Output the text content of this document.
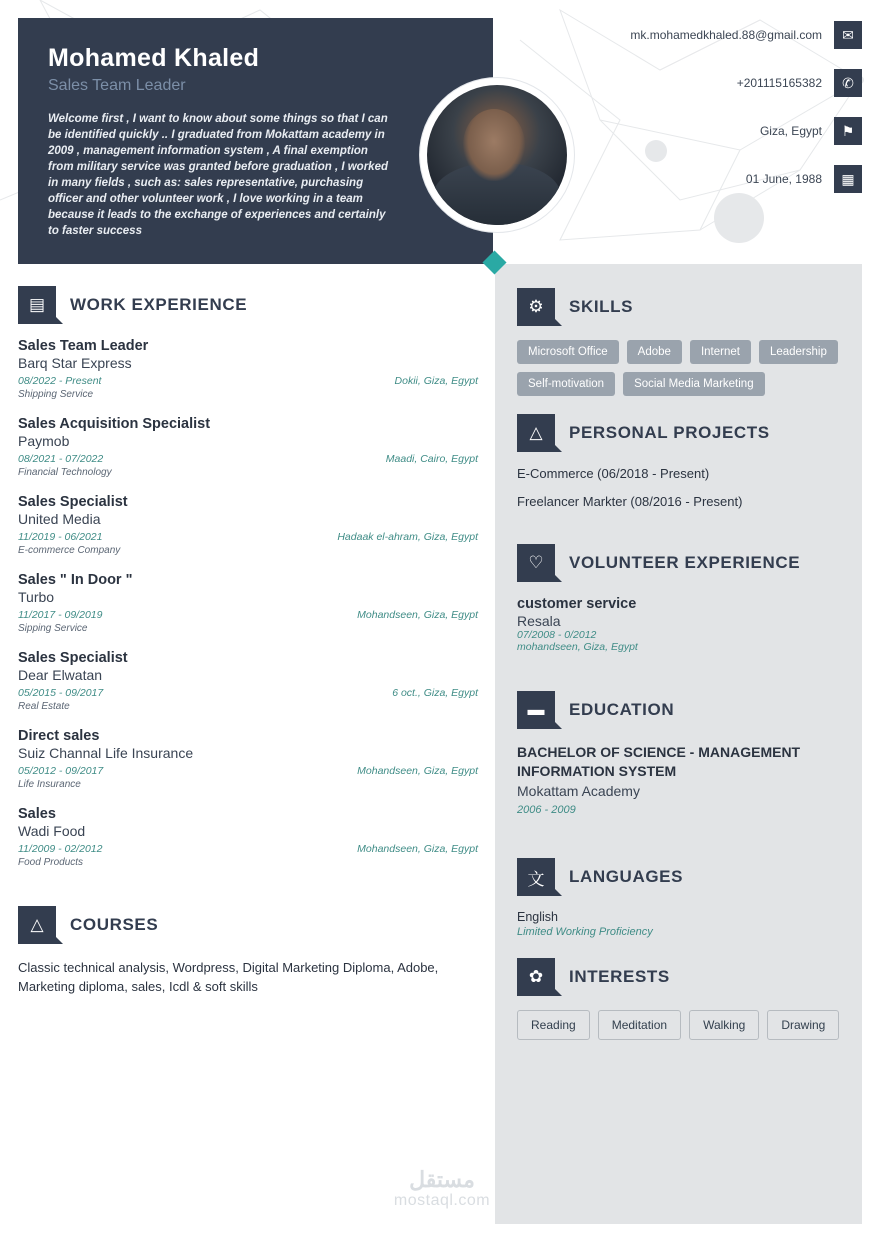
Mohamed Khaled
Sales Team Leader
Welcome first , I want to know about some things so that I can be identified quickly .. I graduated from Mokattam academy in 2009 , management information system , A final exemption from military service was granted before graduation , I worked in many fields , such as: sales representative, purchasing officer and other volunteer work , I love working in a team because it leads to the exchange of experiences and certainly to faster success
mk.mohamedkhaled.88@gmail.com	✉
+201115165382	✆
Giza, Egypt	⚑
01 June, 1988	▦
▤	WORK EXPERIENCE
Sales Team Leader
Barq Star Express
08/2022 - Present	Dokii, Giza, Egypt
Shipping Service
Sales Acquisition Specialist
Paymob
08/2021 - 07/2022	Maadi, Cairo, Egypt
Financial Technology
Sales Specialist
United Media
11/2019 - 06/2021	Hadaak el-ahram, Giza, Egypt
E-commerce Company
Sales " In Door "
Turbo
11/2017 - 09/2019	Mohandseen, Giza, Egypt
Sipping Service
Sales Specialist
Dear Elwatan
05/2015 - 09/2017	6 oct., Giza, Egypt
Real Estate
Direct sales
Suiz Channal Life Insurance
05/2012 - 09/2017	Mohandseen, Giza, Egypt
Life Insurance
Sales
Wadi Food
11/2009 - 02/2012	Mohandseen, Giza, Egypt
Food Products
△	COURSES
Classic technical analysis, Wordpress, Digital Marketing Diploma, Adobe, Marketing diploma, sales, Icdl & soft skills
⚙	SKILLS
Microsoft Office	Adobe	Internet	Leadership
Self-motivation	Social Media Marketing
△	PERSONAL PROJECTS
E-Commerce (06/2018 - Present)
Freelancer Markter (08/2016 - Present)
♡	VOLUNTEER EXPERIENCE
customer service
Resala
07/2008 - 0/2012
mohandseen, Giza, Egypt
▬	EDUCATION
BACHELOR OF SCIENCE - MANAGEMENT INFORMATION SYSTEM
Mokattam Academy
2006 - 2009
文	LANGUAGES
English
Limited Working Proficiency
✿	INTERESTS
Reading	Meditation	Walking	Drawing
مستقل
mostaql.com
